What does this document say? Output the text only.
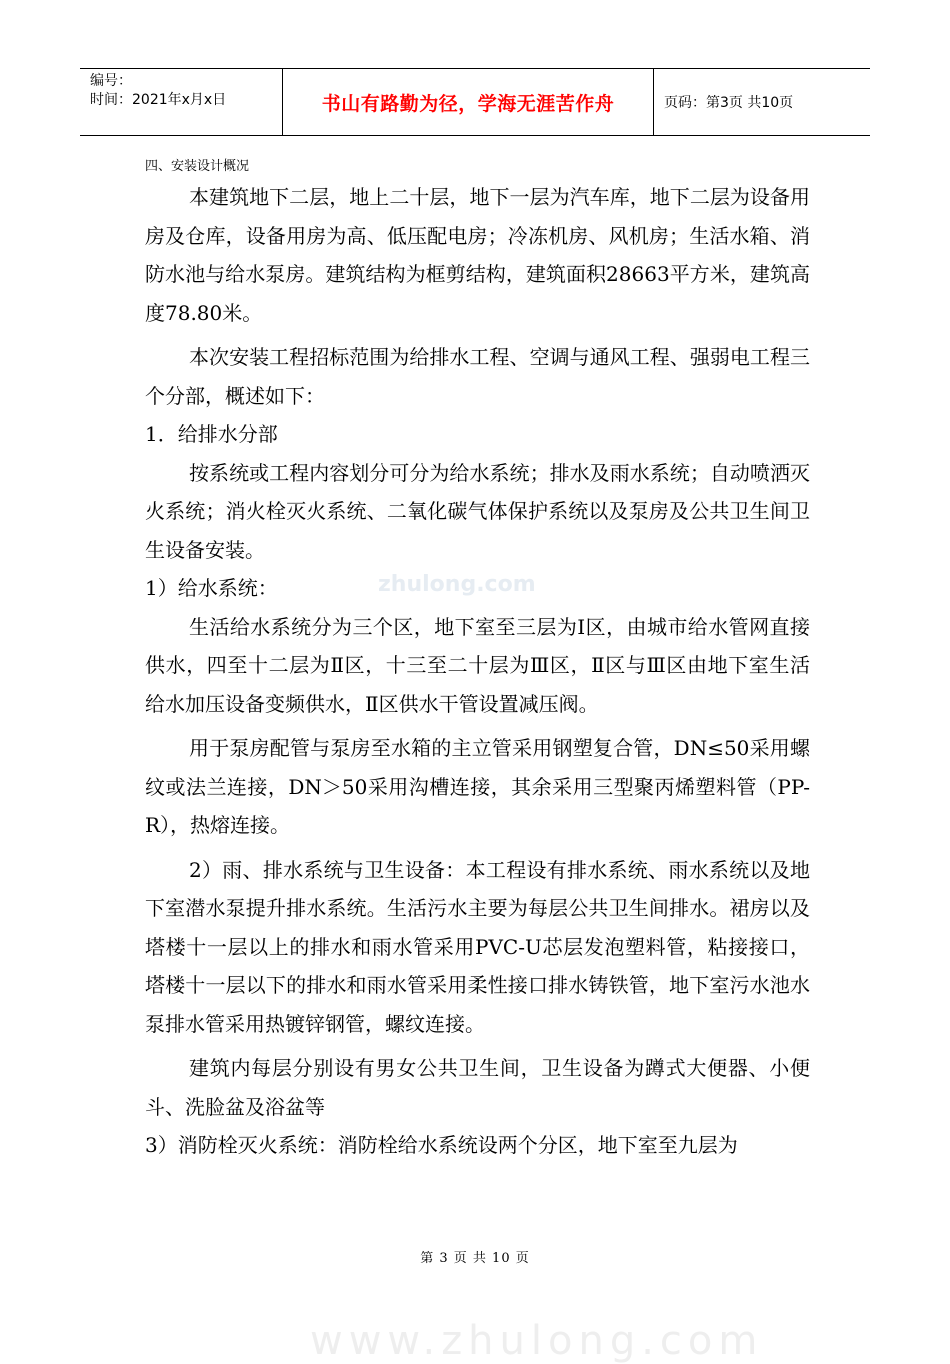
编号：
时间：2021年x月x日	书山有路勤为径，学海无涯苦作舟	页码：第3页 共10页
zhulong.com
四、安装设计概况

本建筑地下二层，地上二十层，地下一层为汽车库，地下二层为设备用房及仓库，设备用房为高、低压配电房；冷冻机房、风机房；生活水箱、消防水池与给水泵房。建筑结构为框剪结构，建筑面积28663平方米，建筑高度78.80米。

本次安装工程招标范围为给排水工程、空调与通风工程、强弱电工程三个分部，概述如下：

1．给排水分部

按系统或工程内容划分可分为给水系统；排水及雨水系统；自动喷洒灭火系统；消火栓灭火系统、二氧化碳气体保护系统以及泵房及公共卫生间卫生设备安装。

1）给水系统：

生活给水系统分为三个区，地下室至三层为Ⅰ区，由城市给水管网直接供水，四至十二层为Ⅱ区，十三至二十层为Ⅲ区，Ⅱ区与Ⅲ区由地下室生活给水加压设备变频供水，Ⅱ区供水干管设置减压阀。

用于泵房配管与泵房至水箱的主立管采用钢塑复合管，DN≤50采用螺纹或法兰连接，DN＞50采用沟槽连接，其余采用三型聚丙烯塑料管（PP-R），热熔连接。

2）雨、排水系统与卫生设备：本工程设有排水系统、雨水系统以及地下室潜水泵提升排水系统。生活污水主要为每层公共卫生间排水。裙房以及塔楼十一层以上的排水和雨水管采用PVC-U芯层发泡塑料管，粘接接口，塔楼十一层以下的排水和雨水管采用柔性接口排水铸铁管，地下室污水池水泵排水管采用热镀锌钢管，螺纹连接。

建筑内每层分别设有男女公共卫生间，卫生设备为蹲式大便器、小便斗、洗脸盆及浴盆等

3）消防栓灭火系统：消防栓给水系统设两个分区，地下室至九层为

第 3 页 共 10 页
www.zhulong.com
